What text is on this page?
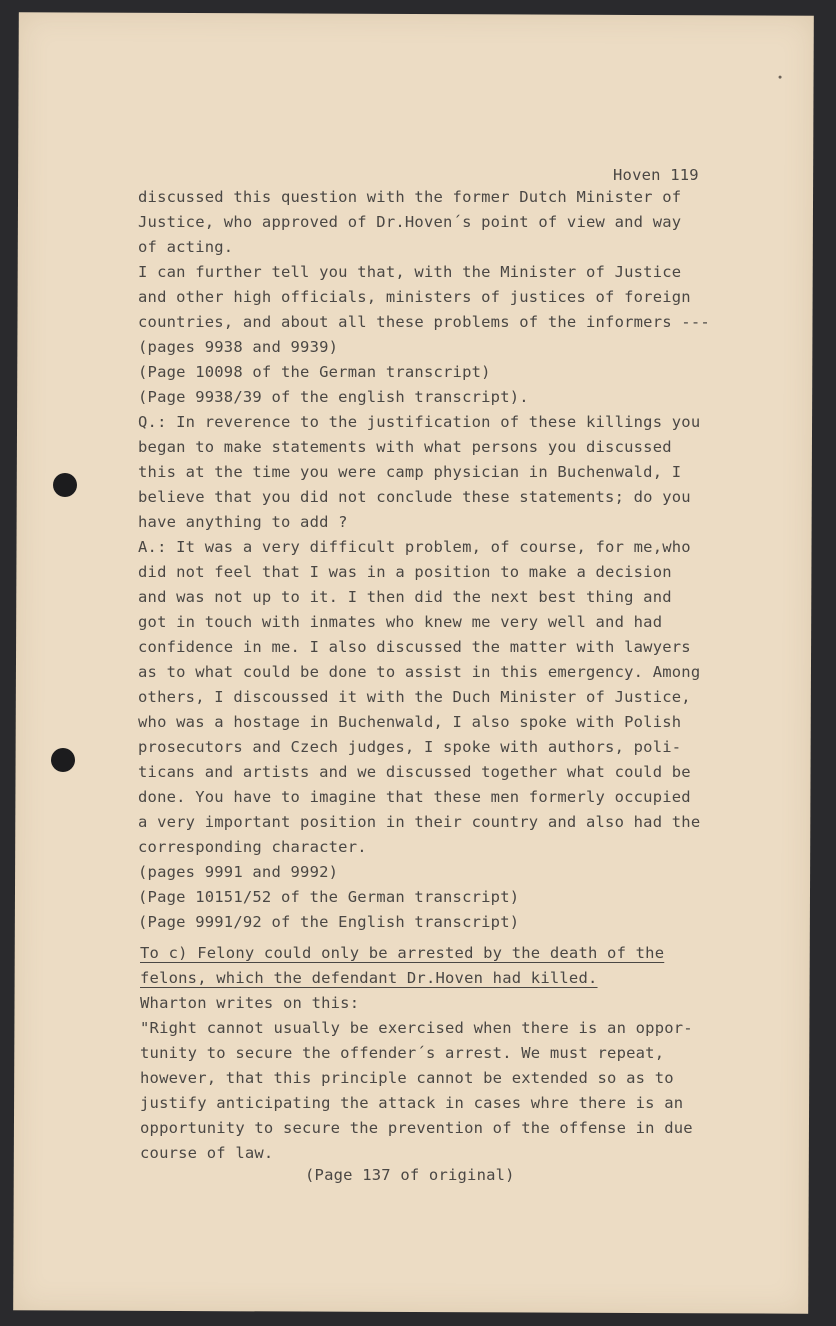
Hoven 119
discussed this question with the former Dutch Minister of
Justice, who approved of Dr.Hoven´s point of view and way
of acting.
I can further tell you that, with the Minister of Justice
and other high officials, ministers of justices of foreign
countries, and about all these problems of the informers ---
(pages 9938 and 9939)
(Page 10098 of the German transcript)
(Page 9938/39 of the english transcript).
Q.: In reverence to the justification of these killings you
began to make statements with what persons you discussed
this at the time you were camp physician in Buchenwald, I
believe that you did not conclude these statements; do you
have anything to add ?
A.: It was a very difficult problem, of course, for me,who
did not feel that I was in a position to make a decision
and was not up to it. I then did the next best thing and
got in touch with inmates who knew me very well and had
confidence in me. I also discussed the matter with lawyers
as to what could be done to assist in this emergency. Among
others, I discoussed it with the Duch Minister of Justice,
who was a hostage in Buchenwald, I also spoke with Polish
prosecutors and Czech judges, I spoke with authors, poli-
ticans and artists and we discussed together what could be
done. You have to imagine that these men formerly occupied
a very important position in their country and also had the
corresponding character.
(pages 9991 and 9992)
(Page 10151/52 of the German transcript)
(Page 9991/92 of the English transcript)
To c) Felony could only be arrested by the death of the
felons, which the defendant Dr.Hoven had killed.
Wharton writes on this:
"Right cannot usually be exercised when there is an oppor-
tunity to secure the offender´s arrest. We must repeat,
however, that this principle cannot be extended so as to
justify anticipating the attack in cases whre there is an
opportunity to secure the prevention of the offense in due
course of law.
(Page 137 of original)
